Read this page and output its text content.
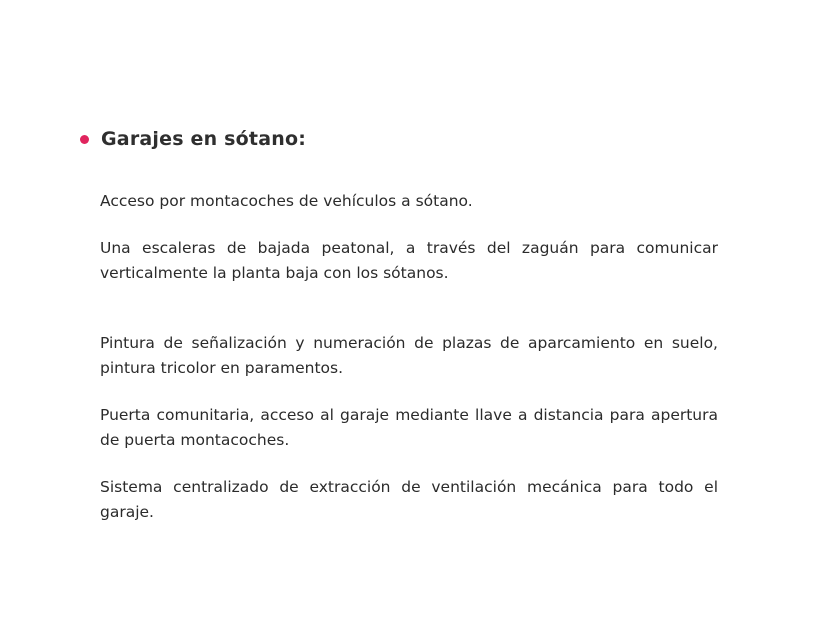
Garajes en sótano:

Acceso por montacoches de vehículos a sótano.

Una escaleras de bajada peatonal, a través del zaguán para comunicar verticalmente la planta baja con los sótanos.

Pintura de señalización y numeración de plazas de aparcamiento en suelo, pintura tricolor en paramentos.

Puerta comunitaria, acceso al garaje mediante llave a distancia para apertura de puerta montacoches.

Sistema centralizado de extracción de ventilación mecánica para todo el garaje.
